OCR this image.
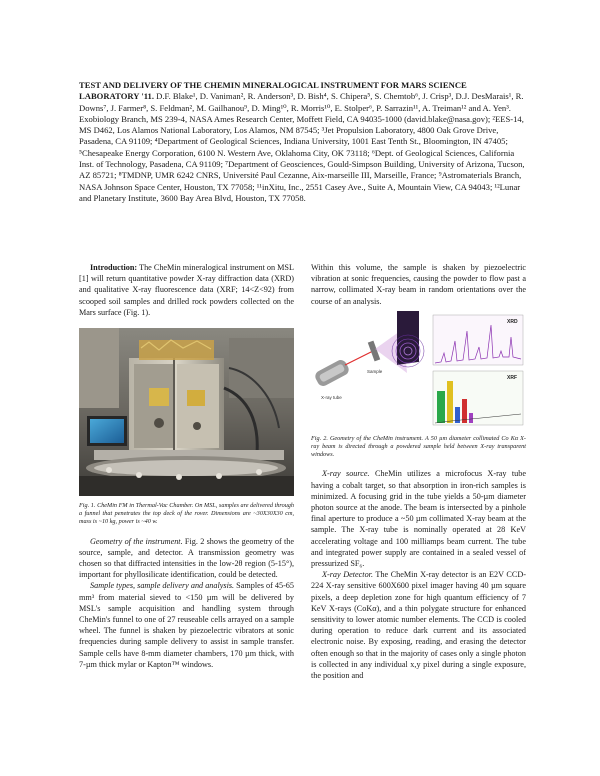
TEST AND DELIVERY OF THE CHEMIN MINERALOGICAL INSTRUMENT FOR MARS SCIENCE LABORATORY '11. D.F. Blake¹, D. Vaniman², R. Anderson³, D. Bish⁴, S. Chipera⁵, S. Chemtob⁶, J. Crisp³, D.J. DesMarais¹, R. Downs⁷, J. Farmer⁸, S. Feldman², M. Gailhanou⁹, D. Ming¹⁰, R. Morris¹⁰, E. Stolper⁶, P. Sarrazin¹¹, A. Treiman¹² and A. Yen³. Exobiology Branch, MS 239-4, NASA Ames Research Center, Moffett Field, CA 94035-1000 (david.blake@nasa.gov); ²EES-14, MS D462, Los Alamos National Laboratory, Los Alamos, NM 87545; ³Jet Propulsion Laboratory, 4800 Oak Grove Drive, Pasadena, CA 91109; ⁴Department of Geological Sciences, Indiana University, 1001 East Tenth St., Bloomington, IN 47405; ⁵Chesapeake Energy Corporation, 6100 N. Western Ave, Oklahoma City, OK 73118; ⁶Dept. of Geological Sciences, California Inst. of Technology, Pasadena, CA 91109; ⁷Department of Geosciences, Gould-Simpson Building, University of Arizona, Tucson, AZ 85721; ⁸TMDNP, UMR 6242 CNRS, Université Paul Cezanne, Aix-marseille III, Marseille, France; ⁹Astromaterials Branch, NASA Johnson Space Center, Houston, TX 77058; ¹¹inXitu, Inc., 2551 Casey Ave., Suite A, Mountain View, CA 94043; ¹²Lunar and Planetary Institute, 3600 Bay Area Blvd, Houston, TX 77058.

Introduction: The CheMin mineralogical instrument on MSL [1] will return quantitative powder X-ray diffraction data (XRD) and qualitative X-ray fluorescence data (XRF; 14<Z<92) from scooped soil samples and drilled rock powders collected on the Mars surface (Fig. 1).

Fig. 1. CheMin FM in Thermal-Vac Chamber. On MSL, samples are delivered through a funnel that penetrates the top deck of the rover. Dimensions are ~30X30X30 cm, mass is ~10 kg, power is ~40 w.

Geometry of the instrument. Fig. 2 shows the geometry of the source, sample, and detector. A transmission geometry was chosen so that diffracted intensities in the low-2θ region (5-15°), important for phyllosilicate identification, could be detected.

Sample types, sample delivery and analysis. Samples of 45-65 mm³ from material sieved to <150 µm will be delivered by MSL's sample acquisition and handling system through CheMin's funnel to one of 27 reuseable cells arrayed on a sample wheel. The funnel is shaken by piezoelectric vibrators at sonic frequencies during sample delivery to assist in sample transfer. Sample cells have 8-mm diameter chambers, 170 µm thick, with 7-µm thick mylar or Kapton™ windows.

Within this volume, the sample is shaken by piezoelectric vibration at sonic frequencies, causing the powder to flow past a narrow, collimated X-ray beam in random orientations over the course of an analysis.

X-ray tube
Sample
XRD
XRF

Fig. 2. Geometry of the CheMin instrument. A 50 µm diameter collimated Co Kα X-ray beam is directed through a powdered sample held between X-ray transparent windows.

X-ray source. CheMin utilizes a microfocus X-ray tube having a cobalt target, so that absorption in iron-rich samples is minimized. A focusing grid in the tube yields a 50-µm diameter photon source at the anode. The beam is intersected by a pinhole final aperture to produce a ~50 µm collimated X-ray beam at the sample. The X-ray tube is nominally operated at 28 KeV accelerating voltage and 100 milliamps beam current. The tube and integrated power supply are contained in a sealed vessel of pressurized SF₆.

X-ray Detector. The CheMin X-ray detector is an E2V CCD-224 X-ray sensitive 600X600 pixel imager having 40 µm square pixels, a deep depletion zone for high quantum efficiency of 7 KeV X-rays (CoKα), and a thin polygate structure for enhanced sensitivity to lower atomic number elements. The CCD is cooled during operation to reduce dark current and its associated electronic noise. By exposing, reading, and erasing the detector often enough so that in the majority of cases only a single photon is collected in any individual x,y pixel during a single exposure, the position and
